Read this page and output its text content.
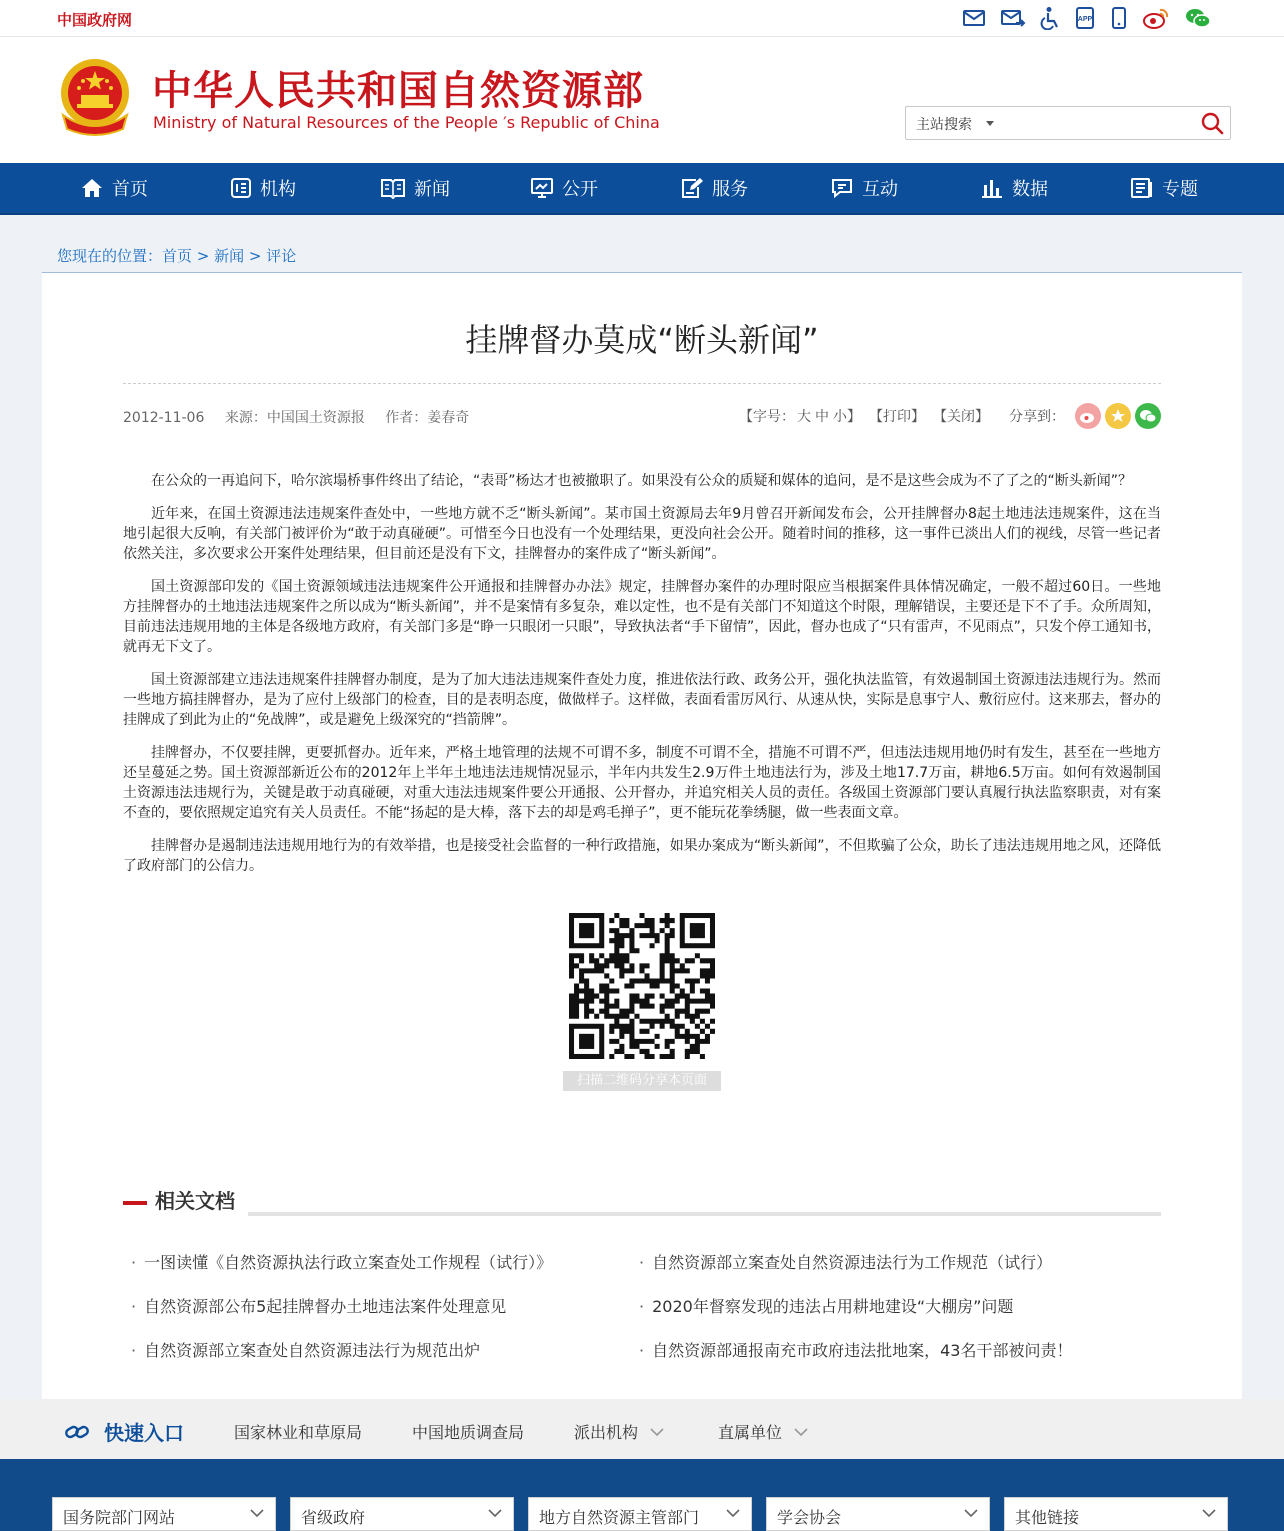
中国政府网	APP
中华人民共和国自然资源部
Ministry of Natural Resources of the People ′s Republic of China	主站搜索
首页	机构	新闻	公开	服务	互动	数据	专题
您现在的位置：首页 > 新闻 > 评论
挂牌督办莫成“断头新闻”
2012-11-06 来源：中国国土资源报 作者：姜春奇	【字号： 大 中 小 】 【打印】 【关闭】 分享到：

在公众的一再追问下，哈尔滨塌桥事件终出了结论，“表哥”杨达才也被撤职了。如果没有公众的质疑和媒体的追问，是不是这些会成为不了了之的“断头新闻”？

近年来，在国土资源违法违规案件查处中，一些地方就不乏“断头新闻”。某市国土资源局去年9月曾召开新闻发布会，公开挂牌督办8起土地违法违规案件，这在当地引起很大反响，有关部门被评价为“敢于动真碰硬”。可惜至今日也没有一个处理结果，更没向社会公开。随着时间的推移，这一事件已淡出人们的视线，尽管一些记者依然关注，多次要求公开案件处理结果，但目前还是没有下文，挂牌督办的案件成了“断头新闻”。

国土资源部印发的《国土资源领域违法违规案件公开通报和挂牌督办办法》规定，挂牌督办案件的办理时限应当根据案件具体情况确定，一般不超过60日。一些地方挂牌督办的土地违法违规案件之所以成为“断头新闻”，并不是案情有多复杂，难以定性，也不是有关部门不知道这个时限，理解错误，主要还是下不了手。众所周知，目前违法违规用地的主体是各级地方政府，有关部门多是“睁一只眼闭一只眼”，导致执法者“手下留情”，因此，督办也成了“只有雷声，不见雨点”，只发个停工通知书，就再无下文了。

国土资源部建立违法违规案件挂牌督办制度，是为了加大违法违规案件查处力度，推进依法行政、政务公开，强化执法监管，有效遏制国土资源违法违规行为。然而一些地方搞挂牌督办，是为了应付上级部门的检查，目的是表明态度，做做样子。这样做，表面看雷厉风行、从速从快，实际是息事宁人、敷衍应付。这来那去，督办的挂牌成了到此为止的“免战牌”，或是避免上级深究的“挡箭牌”。

挂牌督办，不仅要挂牌，更要抓督办。近年来，严格土地管理的法规不可谓不多，制度不可谓不全，措施不可谓不严，但违法违规用地仍时有发生，甚至在一些地方还呈蔓延之势。国土资源部新近公布的2012年上半年土地违法违规情况显示，半年内共发生2.9万件土地违法行为，涉及土地17.7万亩，耕地6.5万亩。如何有效遏制国土资源违法违规行为，关键是敢于动真碰硬，对重大违法违规案件要公开通报、公开督办，并追究相关人员的责任。各级国土资源部门要认真履行执法监察职责，对有案不查的，要依照规定追究有关人员责任。不能“扬起的是大棒，落下去的却是鸡毛掸子”，更不能玩花拳绣腿，做一些表面文章。

挂牌督办是遏制违法违规用地行为的有效举措，也是接受社会监督的一种行政措施，如果办案成为“断头新闻”，不但欺骗了公众，助长了违法违规用地之风，还降低了政府部门的公信力。

扫描二维码分享本页面
相关文档
· 一图读懂《自然资源执法行政立案查处工作规程（试行）》	· 自然资源部立案查处自然资源违法行为工作规范（试行）
· 自然资源部公布5起挂牌督办土地违法案件处理意见	· 2020年督察发现的违法占用耕地建设“大棚房”问题
· 自然资源部立案查处自然资源违法行为规范出炉	· 自然资源部通报南充市政府违法批地案，43名干部被问责！
快速入口	国家林业和草原局	中国地质调查局	派出机构	直属单位
国务院部门网站	省级政府	地方自然资源主管部门	学会协会	其他链接
